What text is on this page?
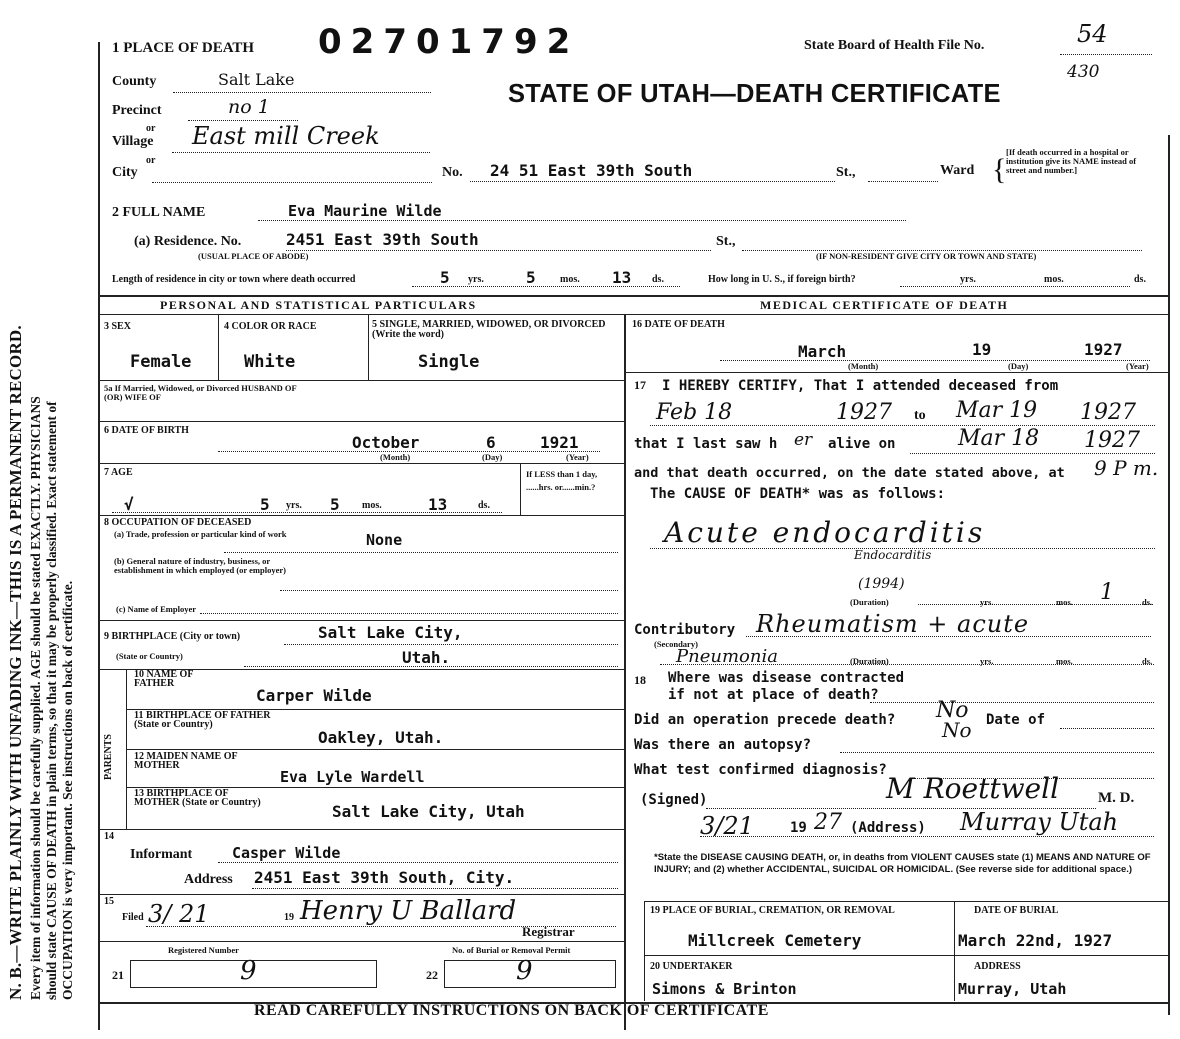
N. B.—WRITE PLAINLY WITH UNFADING INK—THIS IS A PERMANENT RECORD. Every item of information should be carefully supplied. AGE should be stated EXACTLY. PHYSICIANS should state CAUSE OF DEATH in plain terms, so that it may be properly classified. Exact statement of OCCUPATION is very important. See instructions on back of certificate.
1 PLACE OF DEATH 02701792	State Board of Health File No.	54
430
STATE OF UTAH—DEATH CERTIFICATE
County	Salt Lake
Precinct	no 1
or
Village East mill Creek
or
City	No. 24 51 East 39th South	St.,	Ward {
[If death occurred in a hospital or institution give its NAME instead of street and number.]
2 FULL NAME	Eva Maurine Wilde
(a) Residence. No.	2451 East 39th South	St.,
(USUAL PLACE OF ABODE)	(IF NON-RESIDENT GIVE CITY OR TOWN AND STATE)
Length of residence in city or town where death occurred	5 yrs.	5 mos. 13 ds.	How long in U. S., if foreign birth?	yrs.	mos.	ds.
PERSONAL AND STATISTICAL PARTICULARS	MEDICAL CERTIFICATE OF DEATH
3 SEX
Female
4 COLOR OR RACE
White
5 SINGLE, MARRIED, WIDOWED, OR DIVORCED (Write the word)
Single
5a If Married, Widowed, or Divorced HUSBAND OF (OR) WIFE OF
6 DATE OF BIRTH
October	6	1921
(Month)	(Day)	(Year)
7 AGE
√	5 yrs. 5 mos.	13	ds.
If LESS than 1 day, ......hrs. or......min.?
8 OCCUPATION OF DECEASED
(a) Trade, profession or particular kind of work	None
(b) General nature of industry, business, or establishment in which employed (or employer)
(c) Name of Employer
9 BIRTHPLACE (City or town)	Salt Lake City,
(State or Country)	Utah.
PARENTS
10 NAME OF FATHER
Carper Wilde
11 BIRTHPLACE OF FATHER (State or Country)
Oakley, Utah.
12 MAIDEN NAME OF MOTHER
Eva Lyle Wardell
13 BIRTHPLACE OF MOTHER (State or Country)	Salt Lake City, Utah
14
Informant	Casper Wilde
Address 2451 East 39th South, City.
15
Filed 3/ 21	19 Henry U Ballard
Registrar
Registered Number	No. of Burial or Removal Permit
21	9	22	9
16 DATE OF DEATH
March	19	1927
(Month)	(Day)	(Year)
17 I HEREBY CERTIFY, That I attended deceased from
Feb 18	1927 to Mar 19 1927
that I last saw h er alive on	Mar 18 1927
and that death occurred, on the date stated above, at 9 P m.
The CAUSE OF DEATH* was as follows:
Acute endocarditis
Endocarditis
(1994)
(Duration)	yrs.	mos. 1	ds.
Contributory Rheumatism + acute
(Secondary)
Pneumonia	(Duration)	yrs.	mos.	ds.
18 Where was disease contracted
if not at place of death?
Did an operation precede death? No Date of
Was there an autopsy?
No
What test confirmed diagnosis?
(Signed)	M Roettwell	M. D.
3/21	19 27 (Address) Murray Utah
*State the DISEASE CAUSING DEATH, or, in deaths from VIOLENT CAUSES state (1) MEANS AND NATURE OF INJURY; and (2) whether ACCIDENTAL, SUICIDAL OR HOMICIDAL. (See reverse side for additional space.)
19 PLACE OF BURIAL, CREMATION, OR REMOVAL
Millcreek Cemetery
DATE OF BURIAL
March 22nd, 1927
20 UNDERTAKER
Simons & Brinton
ADDRESS
Murray, Utah
READ CAREFULLY INSTRUCTIONS ON BACK OF CERTIFICATE
